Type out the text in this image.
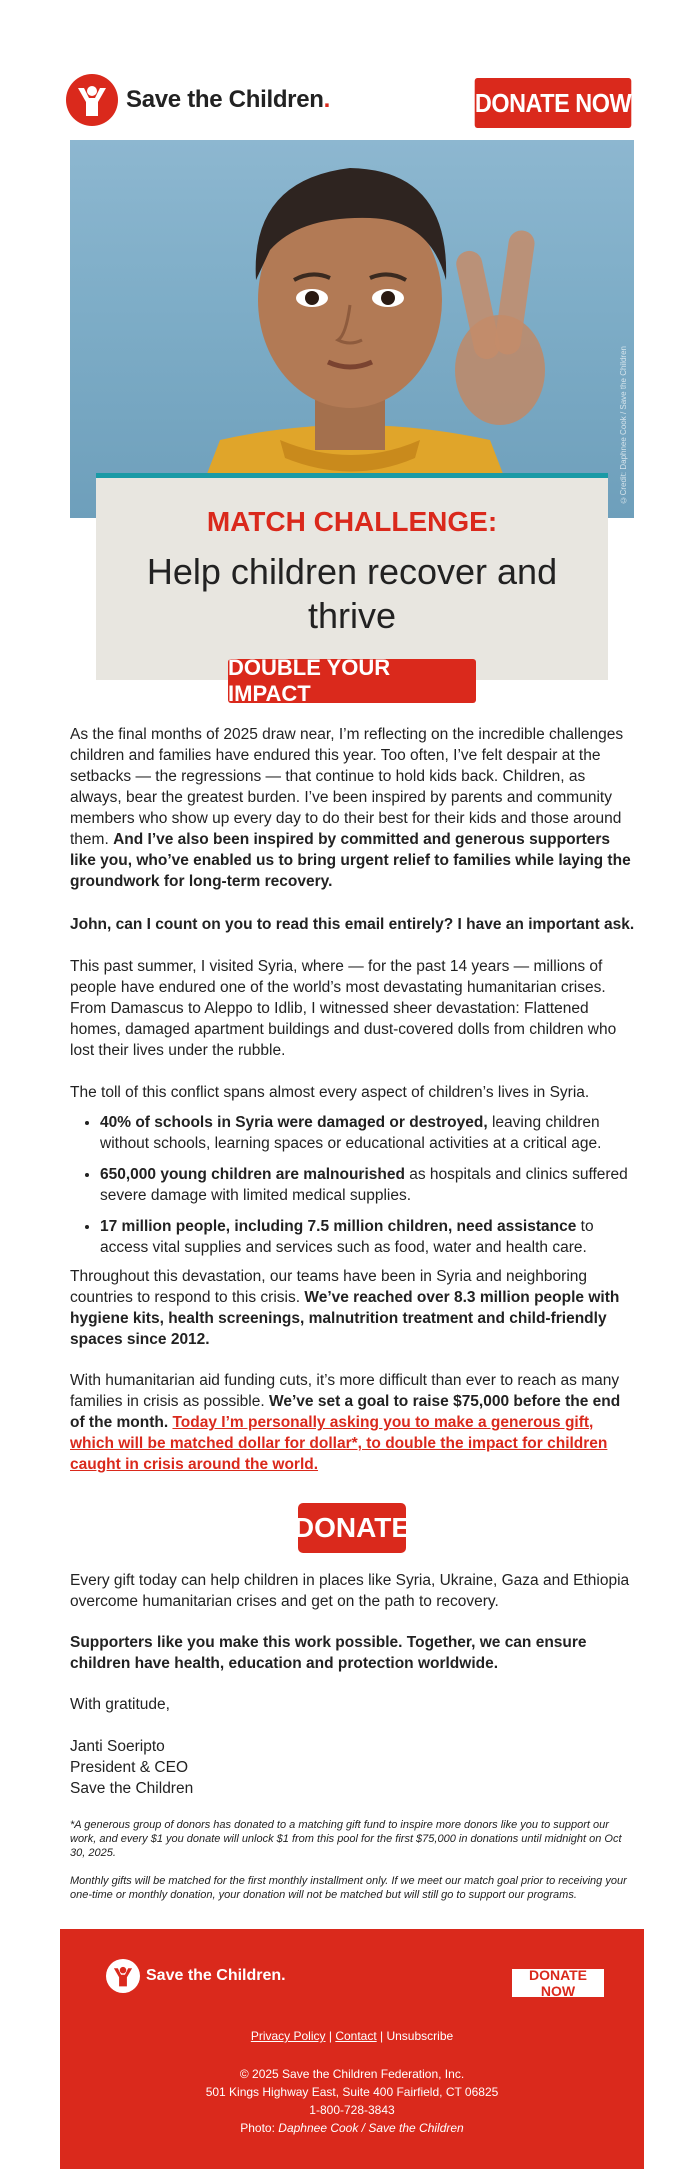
Save the Children.	DONATE NOW
©Credit: Daphnee Cook / Save the Children
MATCH CHALLENGE:
Help children recover and thrive
DOUBLE YOUR IMPACT

As the final months of 2025 draw near, I’m reflecting on the incredible challenges children and families have endured this year. Too often, I’ve felt despair at the setbacks — the regressions — that continue to hold kids back. Children, as always, bear the greatest burden. I’ve been inspired by parents and community members who show up every day to do their best for their kids and those around them. And I’ve also been inspired by committed and generous supporters like you, who’ve enabled us to bring urgent relief to families while laying the groundwork for long-term recovery.

John, can I count on you to read this email entirely? I have an important ask.

This past summer, I visited Syria, where — for the past 14 years — millions of people have endured one of the world’s most devastating humanitarian crises. From Damascus to Aleppo to Idlib, I witnessed sheer devastation: Flattened homes, damaged apartment buildings and dust-covered dolls from children who lost their lives under the rubble.

The toll of this conflict spans almost every aspect of children’s lives in Syria.

• 40% of schools in Syria were damaged or destroyed, leaving children without schools, learning spaces or educational activities at a critical age.
• 650,000 young children are malnourished as hospitals and clinics suffered severe damage with limited medical supplies.
• 17 million people, including 7.5 million children, need assistance to access vital supplies and services such as food, water and health care.

Throughout this devastation, our teams have been in Syria and neighboring countries to respond to this crisis. We’ve reached over 8.3 million people with hygiene kits, health screenings, malnutrition treatment and child-friendly spaces since 2012.

With humanitarian aid funding cuts, it’s more difficult than ever to reach as many families in crisis as possible. We’ve set a goal to raise $75,000 before the end of the month. Today I’m personally asking you to make a generous gift, which will be matched dollar for dollar*, to double the impact for children caught in crisis around the world.

DONATE

Every gift today can help children in places like Syria, Ukraine, Gaza and Ethiopia overcome humanitarian crises and get on the path to recovery.

Supporters like you make this work possible. Together, we can ensure children have health, education and protection worldwide.

With gratitude,

Janti Soeripto

President & CEO

Save the Children

*A generous group of donors has donated to a matching gift fund to inspire more donors like you to support our work, and every $1 you donate will unlock $1 from this pool for the first $75,000 in donations until midnight on Oct 30, 2025.
Monthly gifts will be matched for the first monthly installment only. If we meet our match goal prior to receiving your one-time or monthly donation, your donation will not be matched but will still go to support our programs.
Save the Children.	DONATE NOW
Privacy Policy | Contact | Unsubscribe
© 2025 Save the Children Federation, Inc.
501 Kings Highway East, Suite 400 Fairfield, CT 06825
1-800-728-3843
Photo: Daphnee Cook / Save the Children
